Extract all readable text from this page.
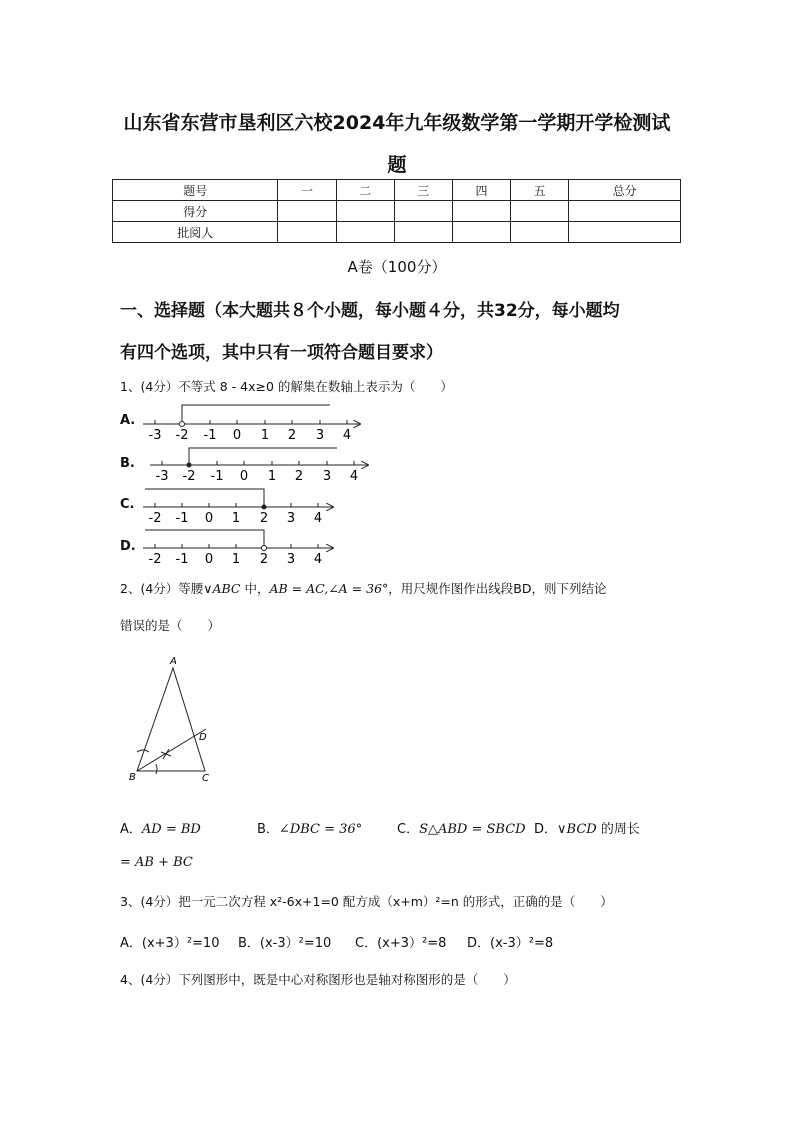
山东省东营市垦利区六校2024年九年级数学第一学期开学检测试
题
题号	一	二	三	四	五	总分
得分						
批阅人						
A卷（100分）
一、选择题（本大题共８个小题，每小题４分，共32分，每小题均
有四个选项，其中只有一项符合题目要求）
1、(4分）不等式 8 - 4x≥0 的解集在数轴上表示为（　　）
A.
B.
C.
D.
-3 -2 -1 0 1 2 3 4
-3 -2 -1 0 1 2 3 4
-2 -1 0 1 2 3 4
-2 -1 0 1 2 3 4
2、(4分）等腰∨ABC 中，AB = AC,∠A = 36°，用尺规作图作出线段BD，则下列结论
错误的是（　　）
A
B	C
D
A．AD = BD	B．∠DBC = 36°	C．S△ABD = SBCD D．∨BCD 的周长
= AB + BC
3、(4分）把一元二次方程 x²-6x+1=0 配方成（x+m）²=n 的形式，正确的是（　　）
A．(x+3）²=10 B．(x-3）²=10 C．(x+3）²=8 D．(x-3）²=8
4、(4分）下列图形中，既是中心对称图形也是轴对称图形的是（　　）
